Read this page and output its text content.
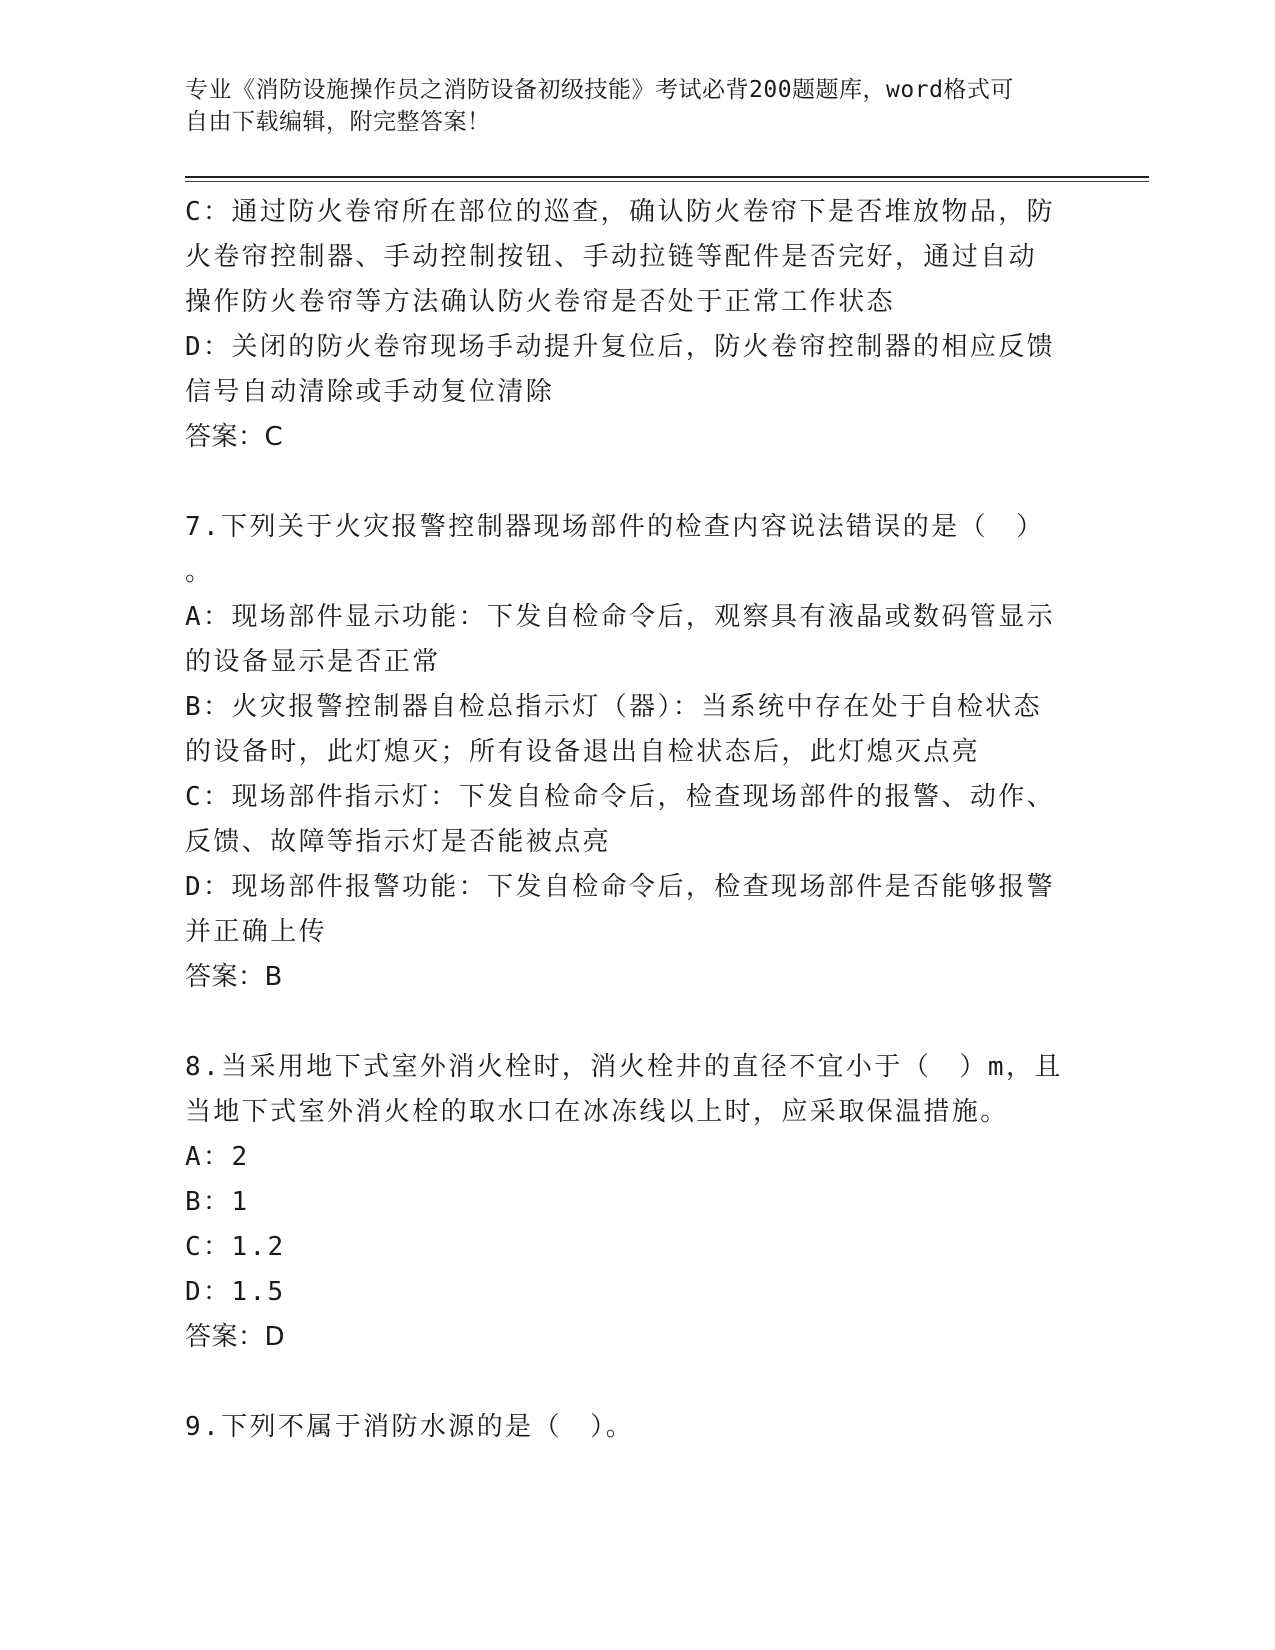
专业《消防设施操作员之消防设备初级技能》考试必背200题题库，word格式可
自由下载编辑，附完整答案！
C：通过防火卷帘所在部位的巡查，确认防火卷帘下是否堆放物品，防
火卷帘控制器、手动控制按钮、手动拉链等配件是否完好，通过自动
操作防火卷帘等方法确认防火卷帘是否处于正常工作状态
D：关闭的防火卷帘现场手动提升复位后，防火卷帘控制器的相应反馈
信号自动清除或手动复位清除
答案：C
7.下列关于火灾报警控制器现场部件的检查内容说法错误的是（　）
。
A：现场部件显示功能：下发自检命令后，观察具有液晶或数码管显示
的设备显示是否正常
B：火灾报警控制器自检总指示灯（器）：当系统中存在处于自检状态
的设备时，此灯熄灭；所有设备退出自检状态后，此灯熄灭点亮
C：现场部件指示灯：下发自检命令后，检查现场部件的报警、动作、
反馈、故障等指示灯是否能被点亮
D：现场部件报警功能：下发自检命令后，检查现场部件是否能够报警
并正确上传
答案：B
8.当采用地下式室外消火栓时，消火栓井的直径不宜小于（　）m，且
当地下式室外消火栓的取水口在冰冻线以上时，应采取保温措施。
A：2
B：1
C：1.2
D：1.5
答案：D
9.下列不属于消防水源的是（　）。
